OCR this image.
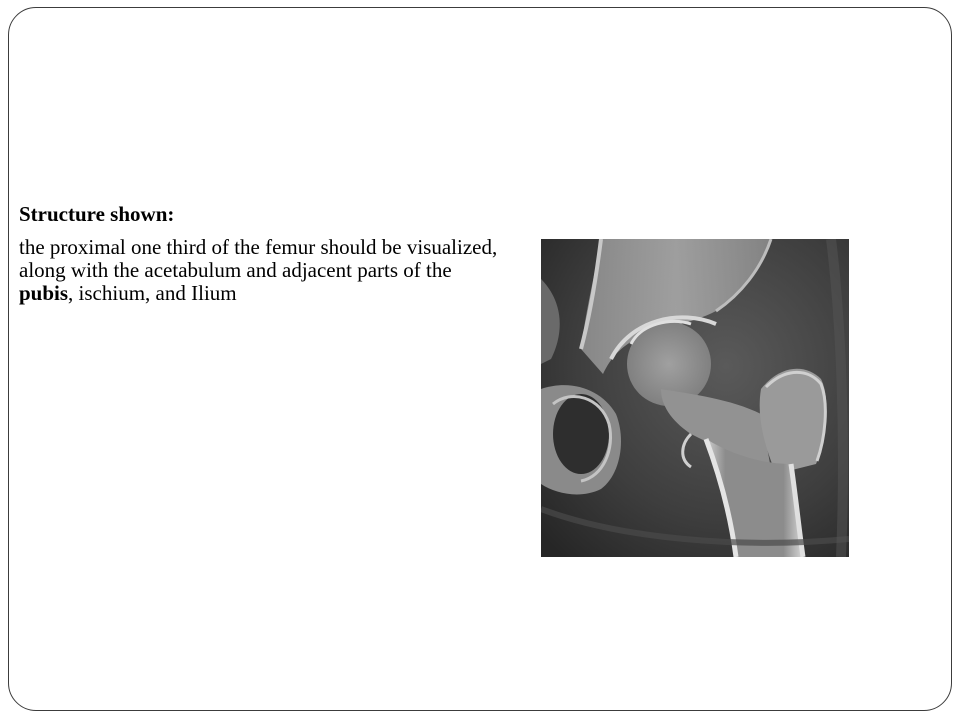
Structure shown:

the proximal one third of the femur should be visualized, along with the acetabulum and adjacent parts of the pubis, ischium, and Ilium
